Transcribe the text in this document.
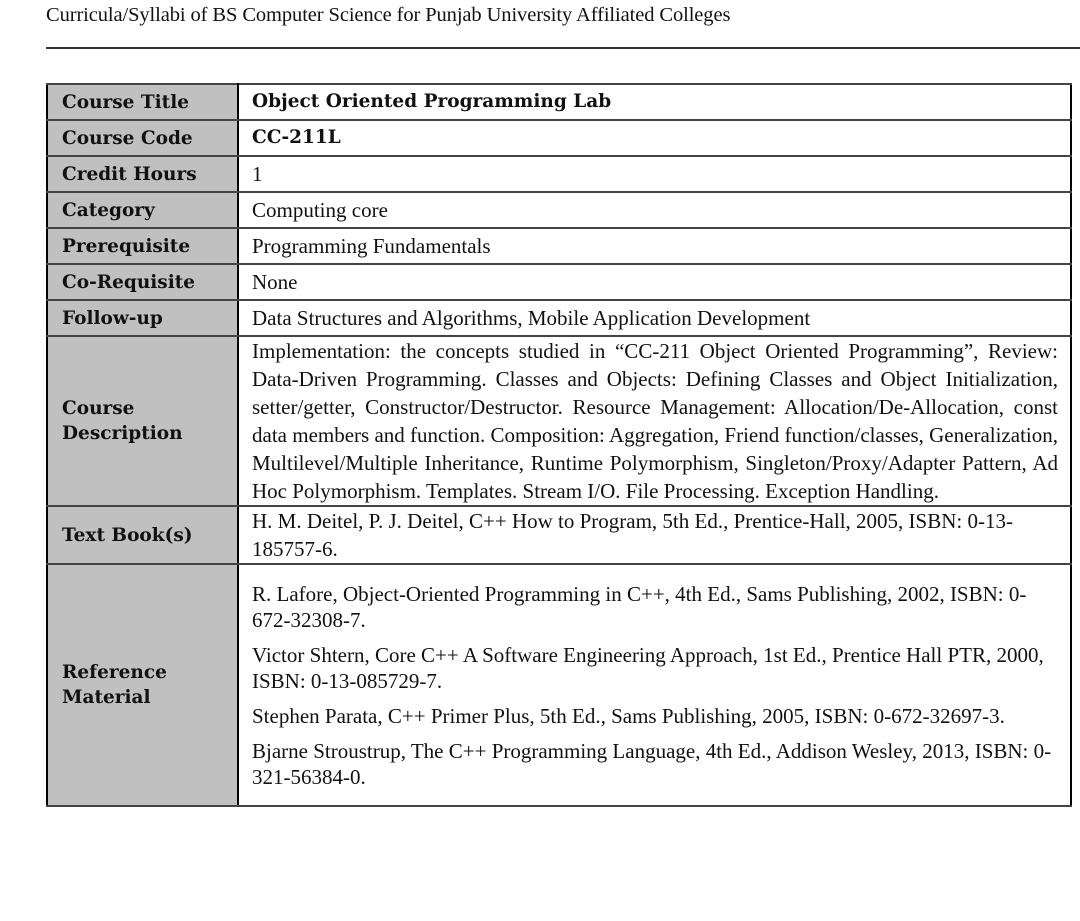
Curricula/Syllabi of BS Computer Science for Punjab University Affiliated Colleges
Course Title	Object Oriented Programming Lab
Course Code	CC-211L
Credit Hours	1
Category	Computing core
Prerequisite	Programming Fundamentals
Co-Requisite	None
Follow-up	Data Structures and Algorithms, Mobile Application Development
Course Description	Implementation: the concepts studied in “CC-211 Object Oriented Programming”, Review: Data-Driven Programming. Classes and Objects: Defining Classes and Object Initialization, setter/getter, Constructor/Destructor. Resource Management: Allocation/De-Allocation, const data members and function. Composition: Aggregation, Friend function/classes, Generalization, Multilevel/Multiple Inheritance, Runtime Polymorphism, Singleton/Proxy/Adapter Pattern, Ad Hoc Polymorphism. Templates. Stream I/O. File Processing. Exception Handling.
Text Book(s)	H. M. Deitel, P. J. Deitel, C++ How to Program, 5th Ed., Prentice-Hall, 2005, ISBN: 0-13-185757-6.
Reference Material	R. Lafore, Object-Oriented Programming in C++, 4th Ed., Sams Publishing, 2002, ISBN: 0-672-32308-7.

Victor Shtern, Core C++ A Software Engineering Approach, 1st Ed., Prentice Hall PTR, 2000, ISBN: 0-13-085729-7.

Stephen Parata, C++ Primer Plus, 5th Ed., Sams Publishing, 2005, ISBN: 0-672-32697-3.

Bjarne Stroustrup, The C++ Programming Language, 4th Ed., Addison Wesley, 2013, ISBN: 0-321-56384-0.
